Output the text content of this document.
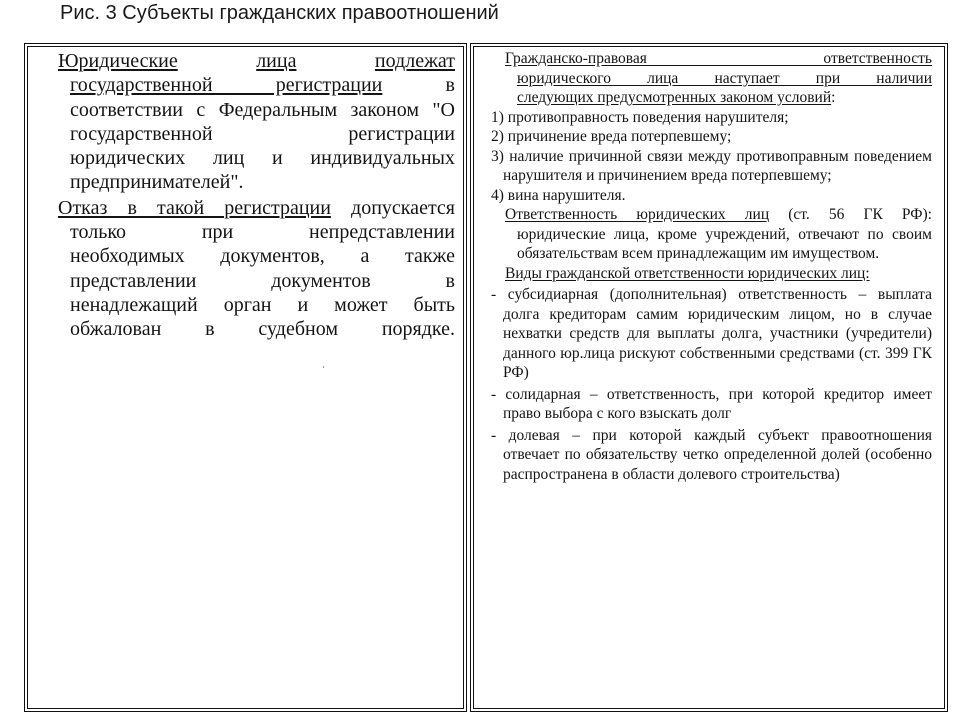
Рис. 3 Субъекты гражданских правоотношений
Юридические	лица	подлежат
государственной регистрации	в
соответствии с Федеральным законом "О
государственной регистрации
юридических лиц и индивидуальных
предпринимателей".
Отказ в такой регистрации допускается
только при непредставлении
необходимых документов, а также
представлении документов в
ненадлежащий орган и может быть
обжалован в судебном порядке.
Гражданско-правовая ответственность
юридического лица наступает при наличии
следующих предусмотренных законом условий:
1) противоправность поведения нарушителя;
2) причинение вреда потерпевшему;
3) наличие причинной связи между противоправным поведением нарушителя и причинением вреда потерпевшему;
4) вина нарушителя.
Ответственность юридических лиц (ст. 56 ГК РФ): юридические лица, кроме учреждений, отвечают по своим обязательствам всем принадлежащим им имуществом.
Виды гражданской ответственности юридических лиц:
- субсидиарная (дополнительная) ответственность – выплата долга кредиторам самим юридическим лицом, но в случае нехватки средств для выплаты долга, участники (учредители) данного юр.лица рискуют собственными средствами (ст. 399 ГК РФ)
- солидарная – ответственность, при которой кредитор имеет право выбора с кого взыскать долг
- долевая – при которой каждый субъект правоотношения отвечает по обязательству четко определенной долей (особенно распространена в области долевого строительства)
